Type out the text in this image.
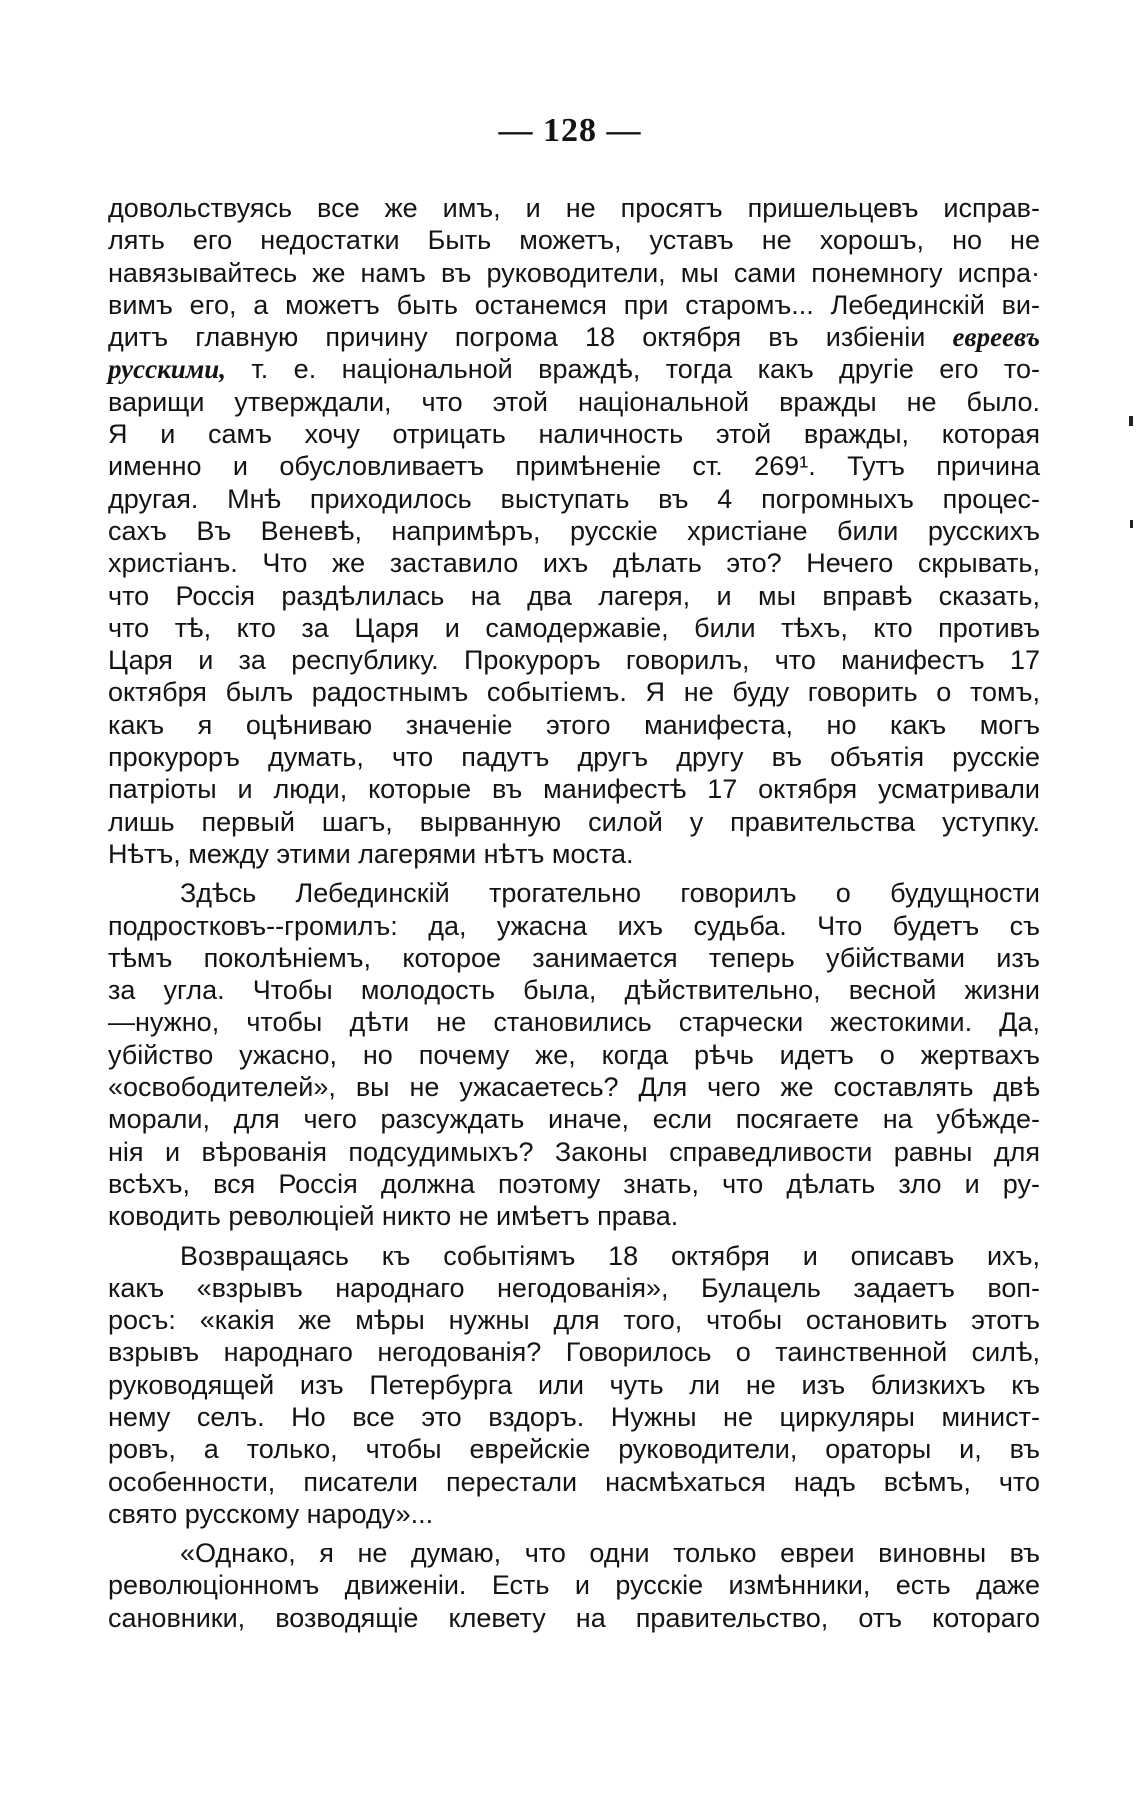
— 128 —
довольствуясь все же имъ, и не просятъ пришельцевъ исправ-
лять его недостатки Быть можетъ, уставъ не хорошъ, но не
навязывайтесь же намъ въ руководители, мы сами понемногу испра·
вимъ его, а можетъ быть останемся при старомъ... Лебединскій ви-
дитъ главную причину погрома 18 октября въ избіеніи евреевъ
русскими, т. е. національной враждѣ, тогда какъ другіе его то-
варищи утверждали, что этой національной вражды не было.
Я и самъ хочу отрицать наличность этой вражды, которая
именно и обусловливаетъ примѣненіе ст. 269¹. Тутъ причина
другая. Мнѣ приходилось выступать въ 4 погромныхъ процес-
сахъ Въ Веневѣ, напримѣръ, русскіе христіане били русскихъ
христіанъ. Что же заставило ихъ дѣлать это? Нечего скрывать,
что Россія раздѣлилась на два лагеря, и мы вправѣ сказать,
что тѣ, кто за Царя и самодержавіе, били тѣхъ, кто противъ
Царя и за республику. Прокуроръ говорилъ, что манифестъ 17
октября былъ радостнымъ событіемъ. Я не буду говорить о томъ,
какъ я оцѣниваю значеніе этого манифеста, но какъ могъ
прокуроръ думать, что падутъ другъ другу въ объятія русскіе
патріоты и люди, которые въ манифестѣ 17 октября усматривали
лишь первый шагъ, вырванную силой у правительства уступку.
Нѣтъ, между этими лагерями нѣтъ моста.
Здѣсь Лебединскій трогательно говорилъ о будущности
подростковъ--громилъ: да, ужасна ихъ судьба. Что будетъ съ
тѣмъ поколѣніемъ, которое занимается теперь убійствами изъ
за угла. Чтобы молодость была, дѣйствительно, весной жизни
—нужно, чтобы дѣти не становились старчески жестокими. Да,
убійство ужасно, но почему же, когда рѣчь идетъ о жертвахъ
«освободителей», вы не ужасаетесь? Для чего же составлять двѣ
морали, для чего разсуждать иначе, если посягаете на убѣжде-
нія и вѣрованія подсудимыхъ? Законы справедливости равны для
всѣхъ, вся Россія должна поэтому знать, что дѣлать зло и ру-
ководить революціей никто не имѣетъ права.
Возвращаясь къ событіямъ 18 октября и описавъ ихъ,
какъ «взрывъ народнаго негодованія», Булацель задаетъ воп-
росъ: «какія же мѣры нужны для того, чтобы остановить этотъ
взрывъ народнаго негодованія? Говорилось о таинственной силѣ,
руководящей изъ Петербурга или чуть ли не изъ близкихъ къ
нему селъ. Но все это вздоръ. Нужны не циркуляры минист-
ровъ, а только, чтобы еврейскіе руководители, ораторы и, въ
особенности, писатели перестали насмѣхаться надъ всѣмъ, что
свято русскому народу»...
«Однако, я не думаю, что одни только евреи виновны въ
революціонномъ движеніи. Есть и русскіе измѣнники, есть даже
сановники, возводящіе клевету на правительство, отъ котораго
